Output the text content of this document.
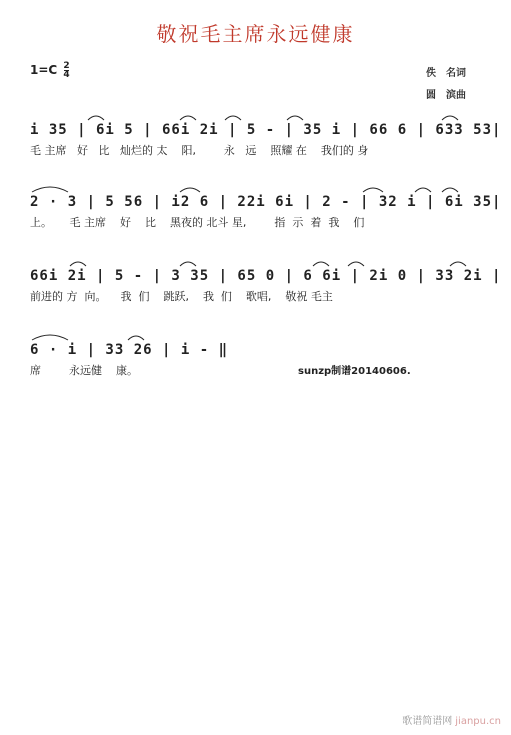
敬祝毛主席永远健康
$1=C \frac{2}{4}$	佚　名词
圆　滨曲
i 35 | 6i 5 | 66i 2i | 5 - | 35 i | 66 6 | 633 53|
毛 主席   好   比   灿烂的 太    阳,        永   远    照耀 在    我们的 身
2 · 3 | 5 56 | i2 6 | 22i 6i | 2 - | 32 i | 6i 35|
上。     毛 主席    好    比    黑夜的 北斗 星,        指  示  着  我    们
66i 2i | 5 - | 3 35 | 65 0 | 6 6i | 2i 0 | 33 2i |
前进的 方  向。    我  们    跳跃,    我  们    歌唱,    敬祝 毛主
6 · i | 33 26 | i - ‖
席        永远健    康。	sunzp制谱20140606.
歌谱简谱网 jianpu.cn
